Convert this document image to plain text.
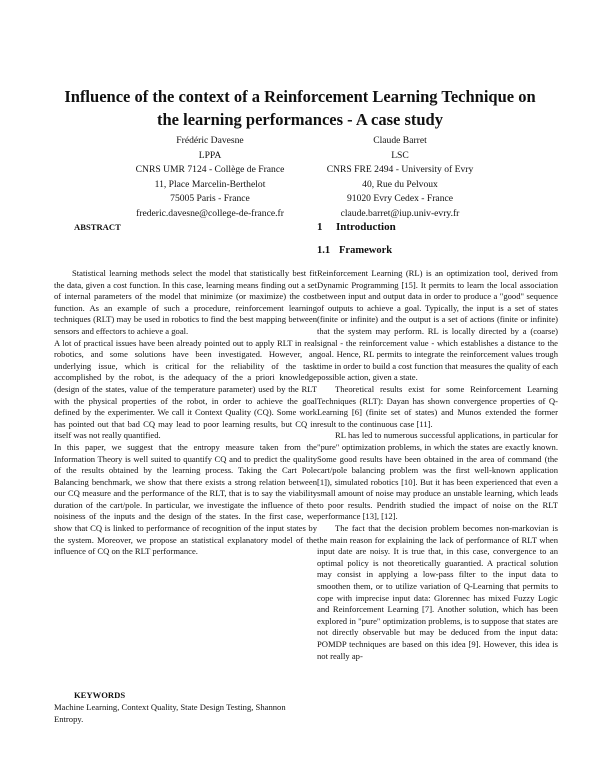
Influence of the context of a Reinforcement Learning Technique on
the learning performances - A case study
Frédéric Davesne
LPPA
CNRS UMR 7124 - Collège de France
11, Place Marcelin-Berthelot
75005 Paris - France
frederic.davesne@college-de-france.fr
Claude Barret
LSC
CNRS FRE 2494 - University of Evry
40, Rue du Pelvoux
91020 Evry Cedex - France
claude.barret@iup.univ-evry.fr
ABSTRACT

Statistical learning methods select the model that statistically best fit the data, given a cost function. In this case, learning means finding out a set of internal parameters of the model that minimize (or maximize) the cost function. As an example of such a procedure, reinforcement learning techniques (RLT) may be used in robotics to find the best mapping between sensors and effectors to achieve a goal.

A lot of practical issues have been already pointed out to apply RLT in real robotics, and some solutions have been investigated. However, an underlying issue, which is critical for the reliability of the task accomplished by the robot, is the adequacy of the a priori knowledge (design of the states, value of the temperature parameter) used by the RLT with the physical properties of the robot, in order to achieve the goal defined by the experimenter. We call it Context Quality (CQ). Some work has pointed out that bad CQ may lead to poor learning results, but CQ in itself was not really quantified.

In this paper, we suggest that the entropy measure taken from the Information Theory is well suited to quantify CQ and to predict the quality of the results obtained by the learning process. Taking the Cart Pole Balancing benchmark, we show that there exists a strong relation between our CQ measure and the performance of the RLT, that is to say the viability duration of the cart/pole. In particular, we investigate the influence of the noisiness of the inputs and the design of the states. In the first case, we show that CQ is linked to performance of recognition of the input states by the system. Moreover, we propose an statistical explanatory model of the influence of CQ on the RLT performance.

KEYWORDS
Machine Learning, Context Quality, State Design Testing, Shannon Entropy.
1 Introduction
1.1 Framework

Reinforcement Learning (RL) is an optimization tool, derived from Dynamic Programming [15]. It permits to learn the local association between input and output data in order to produce a "good" sequence of outputs to achieve a goal. Typically, the input is a set of states (finite or infinite) and the output is a set of actions (finite or infinite) that the system may perform. RL is locally directed by a (coarse) signal - the reinforcement value - which establishes a distance to the goal. Hence, RL permits to integrate the reinforcement values trough time in order to build a cost function that measures the quality of each possible action, given a state.

Theoretical results exist for some Reinforcement Learning Techniques (RLT): Dayan has shown convergence properties of Q-Learning [6] (finite set of states) and Munos extended the former result to the continuous case [11].

RL has led to numerous successful applications, in particular for "pure" optimization problems, in which the states are exactly known. Some good results have been obtained in the area of command (the cart/pole balancing problem was the first well-known application [1]), simulated robotics [10]. But it has been experienced that even a small amount of noise may produce an unstable learning, which leads to poor results. Pendrith studied the impact of noise on the RLT performance [13], [12].

The fact that the decision problem becomes non-markovian is the main reason for explaining the lack of performance of RLT when input date are noisy. It is true that, in this case, convergence to an optimal policy is not theoretically guarantied. A practical solution may consist in applying a low-pass filter to the input data to smoothen them, or to utilize variation of Q-Learning that permits to cope with imprecise input data: Glorennec has mixed Fuzzy Logic and Reinforcement Learning [7]. Another solution, which has been explored in "pure" optimization problems, is to suppose that states are not directly observable but may be deduced from the input data: POMDP techniques are based on this idea [9]. However, this idea is not really ap-
